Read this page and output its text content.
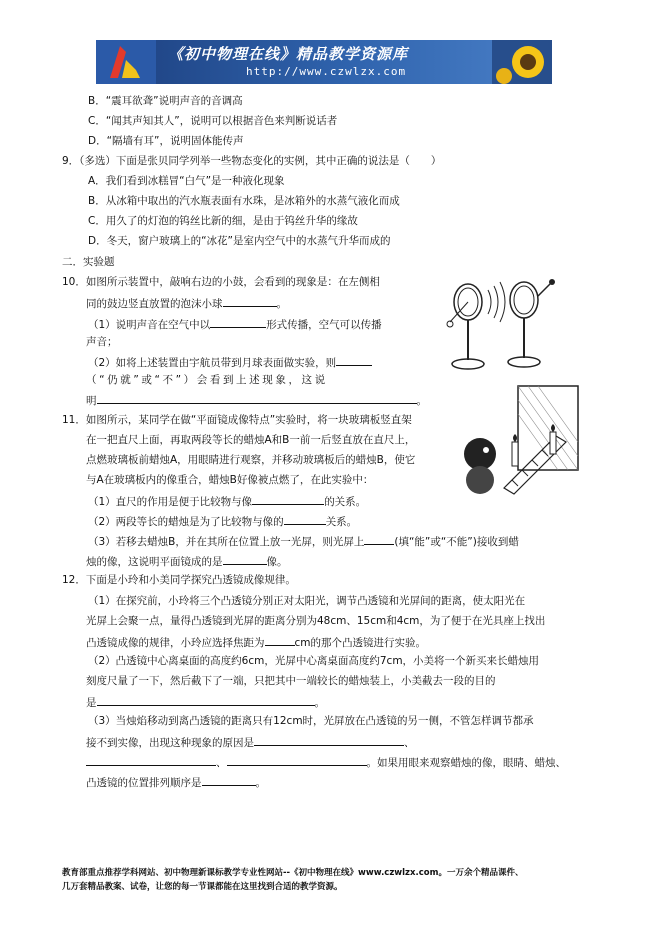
《初中物理在线》精品教学资源库
http://www.czwlzx.com
B．“震耳欲聋”说明声音的音调高
C．“闻其声知其人”，说明可以根据音色来判断说话者
D．“隔墙有耳”，说明固体能传声
9．（多选）下面是张贝同学列举一些物态变化的实例，其中正确的说法是（　　）
A．我们看到冰糕冒“白气”是一种液化现象
B．从冰箱中取出的汽水瓶表面有水珠，是冰箱外的水蒸气液化而成
C．用久了的灯泡的钨丝比新的细，是由于钨丝升华的缘故
D．冬天，窗户玻璃上的“冰花”是室内空气中的水蒸气升华而成的
二．实验题
10．如图所示装置中，敲响右边的小鼓，会看到的现象是：在左侧相
同的鼓边竖直放置的泡沫小球	。
（1）说明声音在空气中以	形式传播，空气可以传播
声音；
（2）如将上述装置由宇航员带到月球表面做实验，则
（“仍就”或“不”）会看到上述现象，这说
明	。
11．如图所示，某同学在做“平面镜成像特点”实验时，将一块玻璃板竖直架
在一把直尺上面，再取两段等长的蜡烛A和B一前一后竖直放在直尺上，
点燃玻璃板前蜡烛A，用眼睛进行观察，并移动玻璃板后的蜡烛B，使它
与A在玻璃板内的像重合，蜡烛B好像被点燃了，在此实验中：
（1）直尺的作用是便于比较物与像	的关系。
（2）两段等长的蜡烛是为了比较物与像的	关系。
（3）若移去蜡烛B，并在其所在位置上放一光屏，则光屏上	(填“能”或“不能”)接收到蜡
烛的像，这说明平面镜成的是	像。
12．下面是小玲和小美同学探究凸透镜成像规律。
（1）在探究前，小玲将三个凸透镜分别正对太阳光，调节凸透镜和光屏间的距离，使太阳光在
光屏上会聚一点，量得凸透镜到光屏的距离分别为48cm、15cm和4cm，为了便于在光具座上找出
凸透镜成像的规律，小玲应选择焦距为	cm的那个凸透镜进行实验。
（2）凸透镜中心离桌面的高度约6cm，光屏中心离桌面高度约7cm，小美将一个新买来长蜡烛用
刻度尺量了一下，然后截下了一端，只把其中一端较长的蜡烛装上，小美截去一段的目的
是	。
（3）当烛焰移动到离凸透镜的距离只有12cm时，光屏放在凸透镜的另一侧，不管怎样调节都承
接不到实像，出现这种现象的原因是	、
、	。如果用眼来观察蜡烛的像，眼睛、蜡烛、
凸透镜的位置排列顺序是	。
教育部重点推荐学科网站、初中物理新课标教学专业性网站--《初中物理在线》www.czwlzx.com。一万余个精品课件、
几万套精品教案、试卷，让您的每一节课都能在这里找到合适的教学资源。
